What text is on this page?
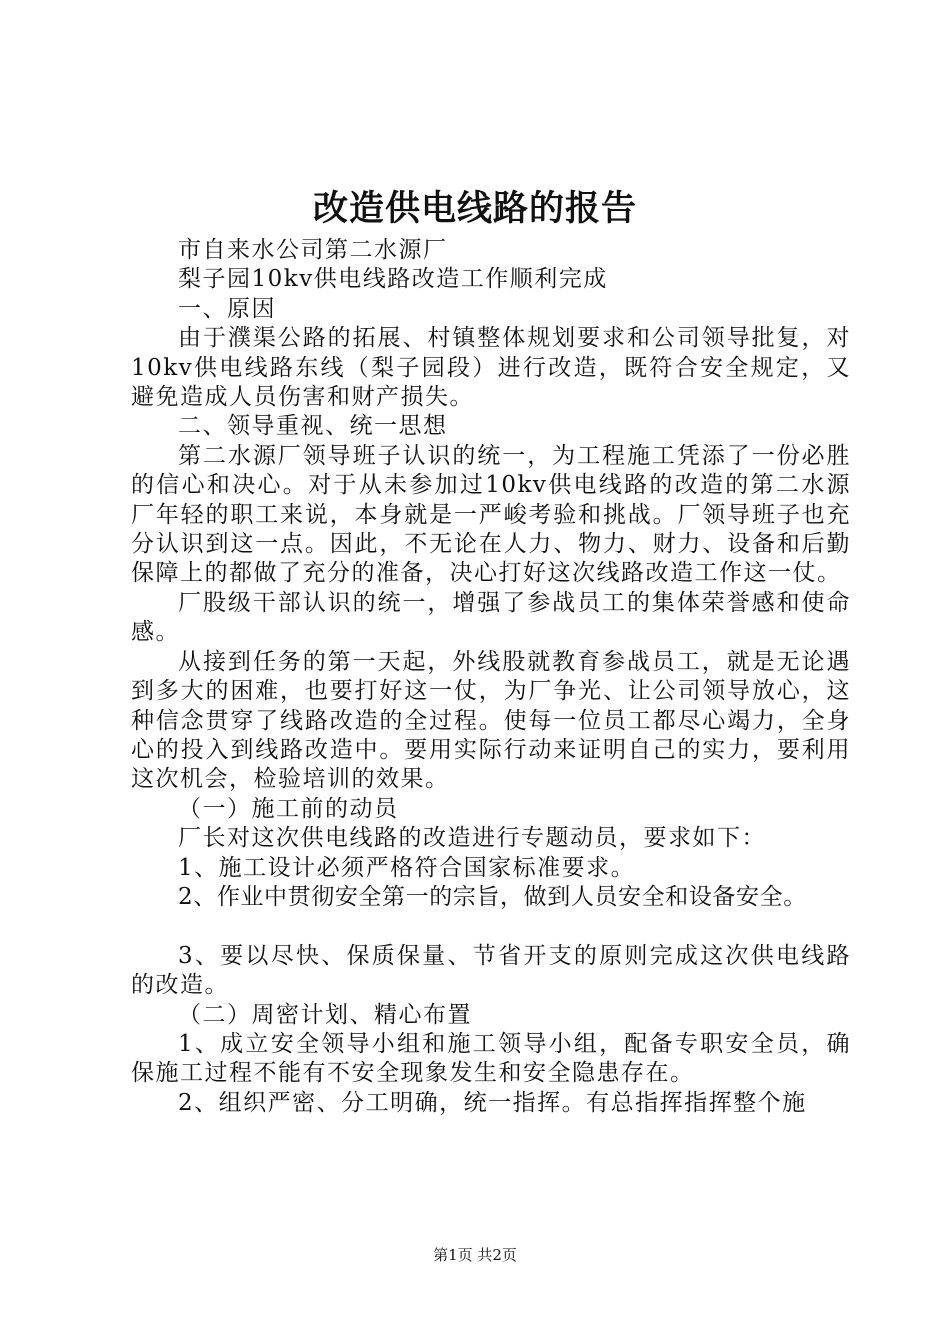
改造供电线路的报告

市自来水公司第二水源厂

梨子园10kv供电线路改造工作顺利完成

一、原因

由于濮渠公路的拓展、村镇整体规划要求和公司领导批复，对10kv供电线路东线（梨子园段）进行改造，既符合安全规定，又避免造成人员伤害和财产损失。

二、领导重视、统一思想

第二水源厂领导班子认识的统一，为工程施工凭添了一份必胜的信心和决心。对于从未参加过10kv供电线路的改造的第二水源厂年轻的职工来说，本身就是一严峻考验和挑战。厂领导班子也充分认识到这一点。因此，不无论在人力、物力、财力、设备和后勤保障上的都做了充分的准备，决心打好这次线路改造工作这一仗。

厂股级干部认识的统一，增强了参战员工的集体荣誉感和使命感。

从接到任务的第一天起，外线股就教育参战员工，就是无论遇到多大的困难，也要打好这一仗，为厂争光、让公司领导放心，这种信念贯穿了线路改造的全过程。使每一位员工都尽心竭力，全身心的投入到线路改造中。要用实际行动来证明自己的实力，要利用这次机会，检验培训的效果。

（一）施工前的动员

厂长对这次供电线路的改造进行专题动员，要求如下：

1、施工设计必须严格符合国家标准要求。

2、作业中贯彻安全第一的宗旨，做到人员安全和设备安全。

3、要以尽快、保质保量、节省开支的原则完成这次供电线路的改造。

（二）周密计划、精心布置

1、成立安全领导小组和施工领导小组，配备专职安全员，确保施工过程不能有不安全现象发生和安全隐患存在。

2、组织严密、分工明确，统一指挥。有总指挥指挥整个施

第1页 共2页
